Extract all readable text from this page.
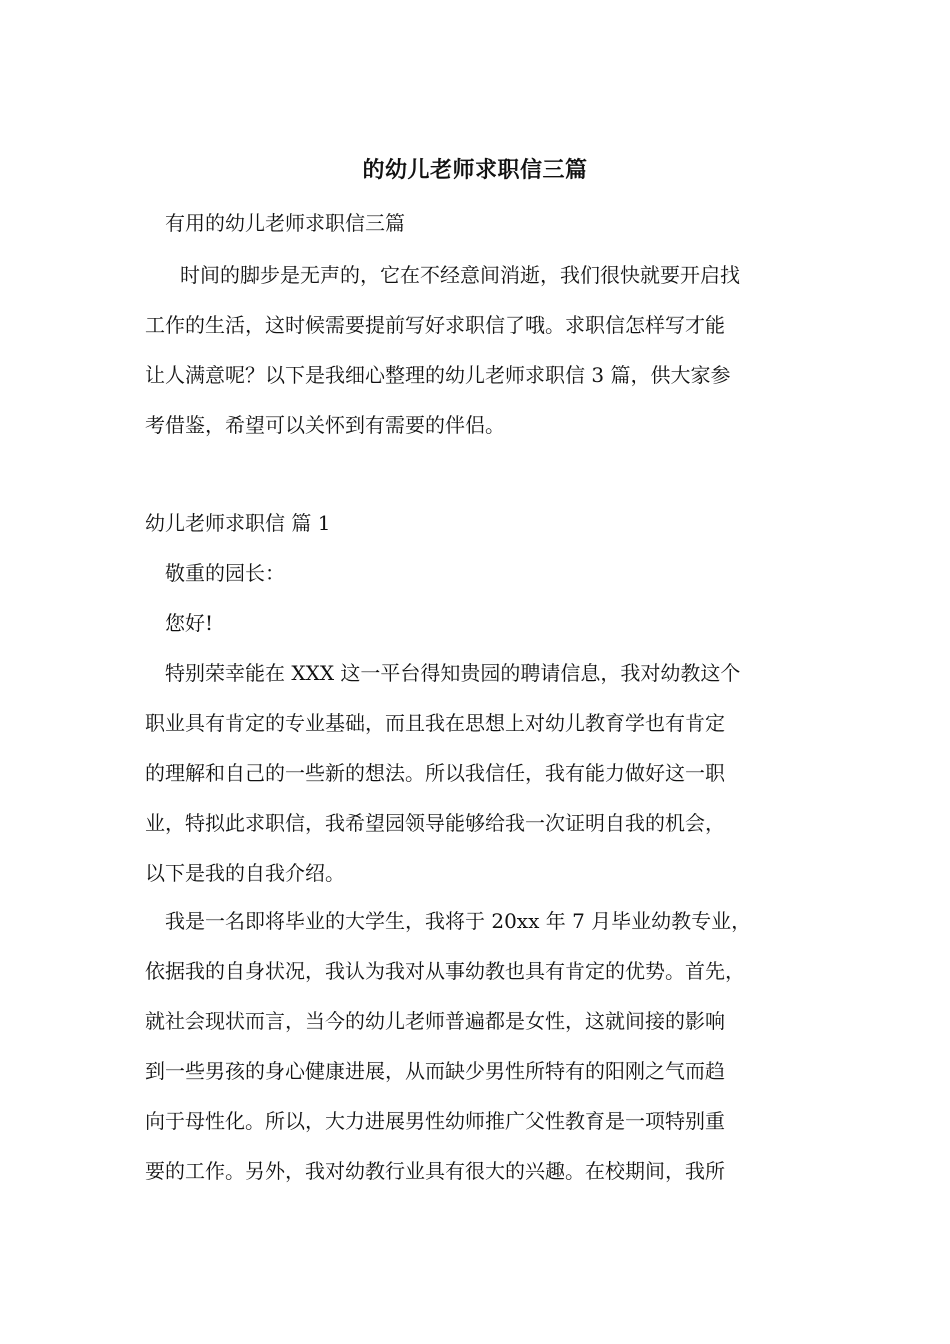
的幼儿老师求职信三篇
有用的幼儿老师求职信三篇
时间的脚步是无声的，它在不经意间消逝，我们很快就要开启找
工作的生活，这时候需要提前写好求职信了哦。求职信怎样写才能
让人满意呢？以下是我细心整理的幼儿老师求职信 3 篇，供大家参
考借鉴，希望可以关怀到有需要的伴侣。
幼儿老师求职信 篇 1
敬重的园长：
您好!
特别荣幸能在 XXX 这一平台得知贵园的聘请信息，我对幼教这个
职业具有肯定的专业基础，而且我在思想上对幼儿教育学也有肯定
的理解和自己的一些新的想法。所以我信任，我有能力做好这一职
业，特拟此求职信，我希望园领导能够给我一次证明自我的机会，
以下是我的自我介绍。
我是一名即将毕业的大学生，我将于 20xx 年 7 月毕业幼教专业，
依据我的自身状况，我认为我对从事幼教也具有肯定的优势。首先，
就社会现状而言，当今的幼儿老师普遍都是女性，这就间接的影响
到一些男孩的身心健康进展，从而缺少男性所特有的阳刚之气而趋
向于母性化。所以，大力进展男性幼师推广父性教育是一项特别重
要的工作。另外，我对幼教行业具有很大的兴趣。在校期间，我所
